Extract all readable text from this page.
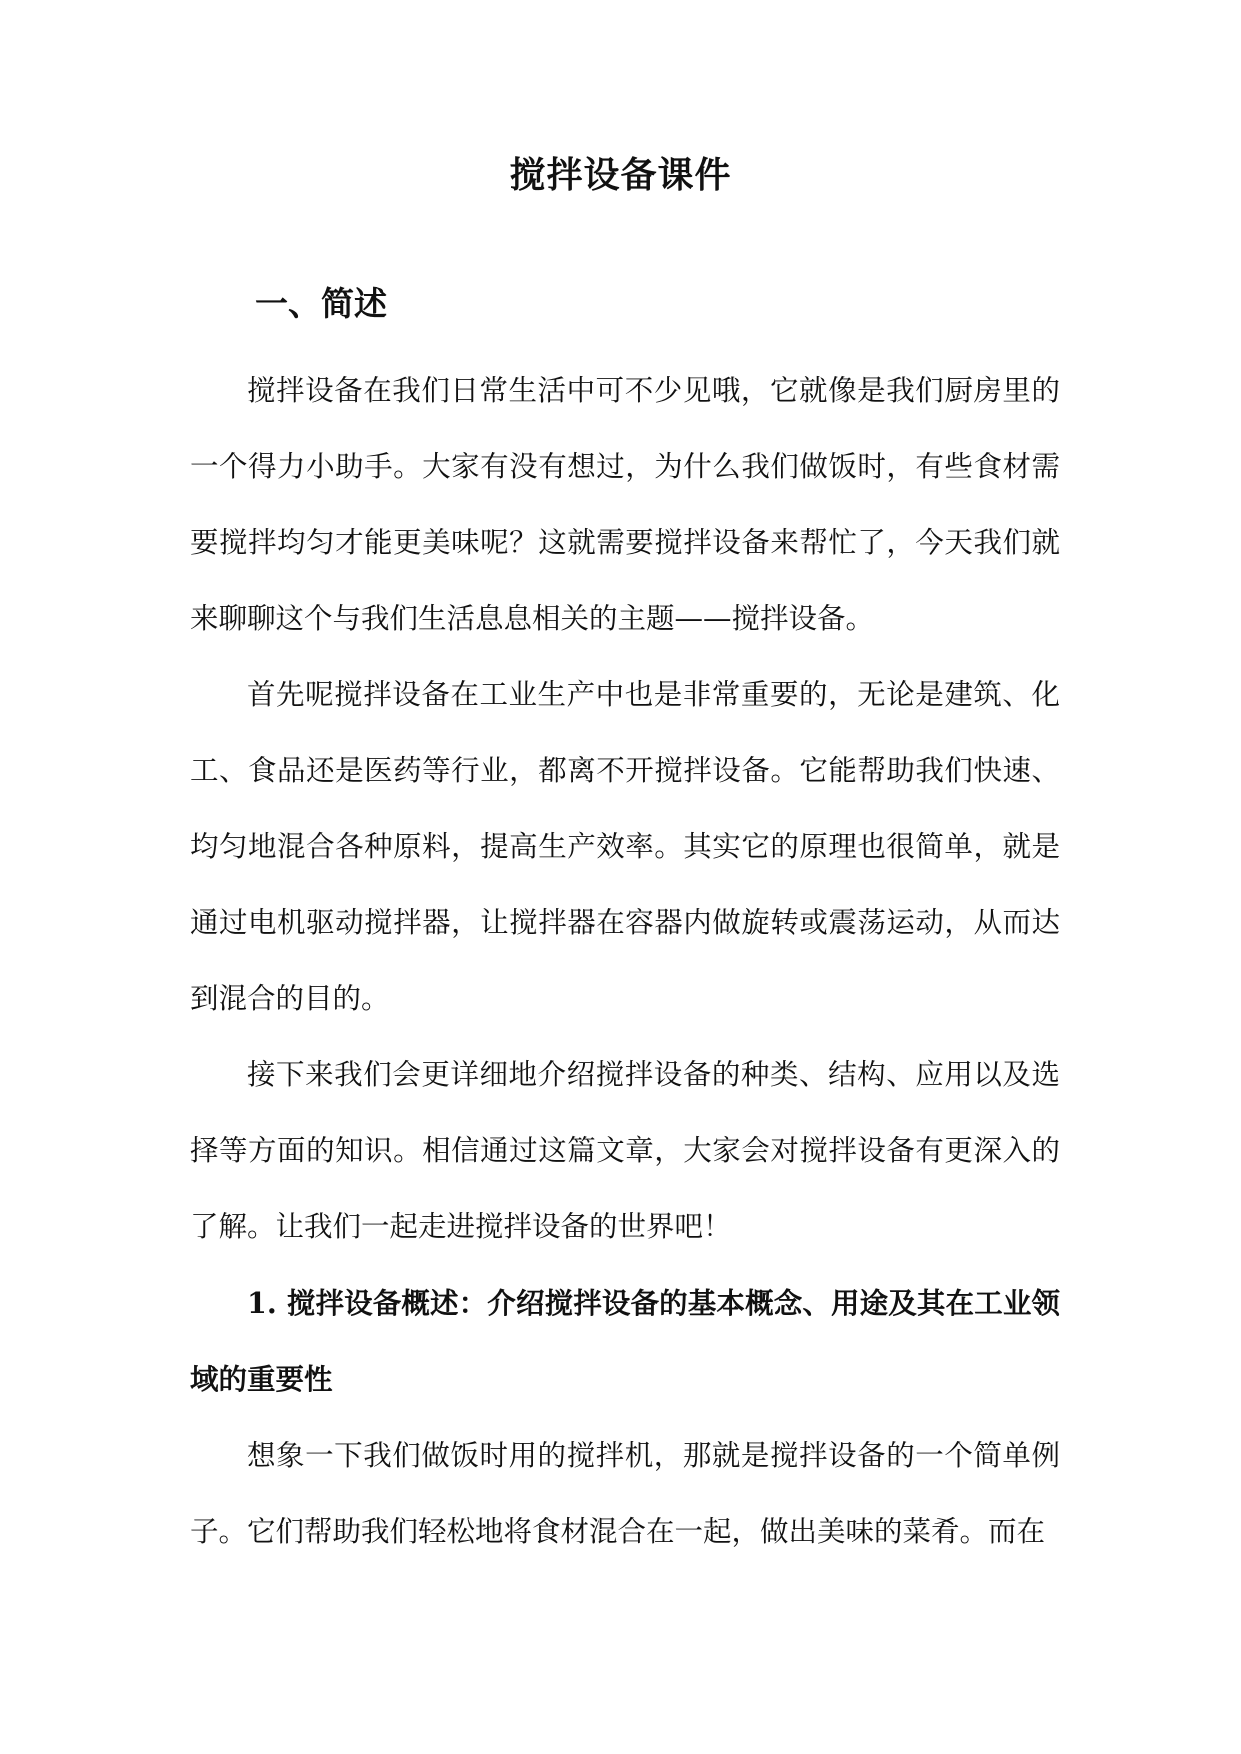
搅拌设备课件
一、简述
搅拌设备在我们日常生活中可不少见哦，它就像是我们厨房里的一个得力小助手。大家有没有想过，为什么我们做饭时，有些食材需要搅拌均匀才能更美味呢？这就需要搅拌设备来帮忙了，今天我们就来聊聊这个与我们生活息息相关的主题——搅拌设备。
首先呢搅拌设备在工业生产中也是非常重要的，无论是建筑、化工、食品还是医药等行业，都离不开搅拌设备。它能帮助我们快速、均匀地混合各种原料，提高生产效率。其实它的原理也很简单，就是通过电机驱动搅拌器，让搅拌器在容器内做旋转或震荡运动，从而达到混合的目的。
接下来我们会更详细地介绍搅拌设备的种类、结构、应用以及选择等方面的知识。相信通过这篇文章，大家会对搅拌设备有更深入的了解。让我们一起走进搅拌设备的世界吧！
1. 搅拌设备概述：介绍搅拌设备的基本概念、用途及其在工业领域的重要性
想象一下我们做饭时用的搅拌机，那就是搅拌设备的一个简单例子。它们帮助我们轻松地将食材混合在一起，做出美味的菜肴。而在
